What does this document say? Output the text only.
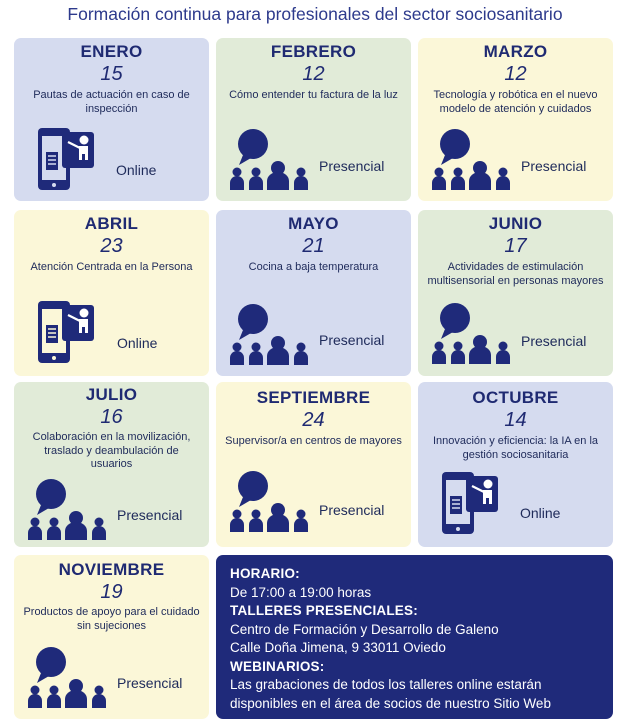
Formación continua para profesionales del sector sociosanitario
ENERO
15
Pautas de actuación en caso de inspección
Online
FEBRERO
12
Cómo entender tu factura de la luz
Presencial
MARZO
12
Tecnología y robótica en el nuevo modelo de atención y cuidados
Presencial
ABRIL
23
Atención Centrada en la Persona
Online
MAYO
21
Cocina a baja temperatura
Presencial
JUNIO
17
Actividades de estimulación multisensorial en personas mayores
Presencial
JULIO
16
Colaboración en la movilización, traslado y deambulación de usuarios
Presencial
SEPTIEMBRE
24
Supervisor/a en centros de mayores
Presencial
OCTUBRE
14
Innovación y eficiencia: la IA en la gestión sociosanitaria
Online
NOVIEMBRE
19
Productos de apoyo para el cuidado sin sujeciones
Presencial
HORARIO:
De 17:00 a 19:00 horas
TALLERES PRESENCIALES:
Centro de Formación y Desarrollo de Galeno
Calle Doña Jimena, 9 33011 Oviedo
WEBINARIOS:
Las grabaciones de todos los talleres online estarán
disponibles en el área de socios de nuestro Sitio Web
